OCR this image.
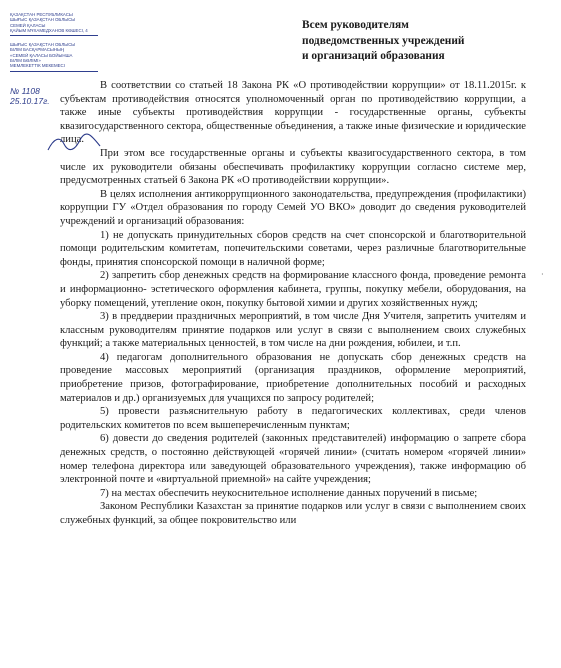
ҚАЗАҚСТАН РЕСПУБЛИКАСЫ
ШЫҒЫС ҚАЗАҚСТАН ОБЛЫСЫ
СЕМЕЙ ҚАЛАСЫ
ҚАЙЫМ МҰХАМЕДХАНОВ КӨШЕСІ, 4
ШЫҒЫС ҚАЗАҚСТАН ОБЛЫСЫ
БІЛІМ БАСҚАРМАСЫНЫҢ
«СЕМЕЙ ҚАЛАСЫ БОЙЫНША
БІЛІМ БӨЛІМІ»
МЕМЛЕКЕТТІК МЕКЕМЕСІ
№ 1108
25.10.17г.
Всем руководителям
подведомственных учреждений
и организаций образования

В соответствии со статьей 18 Закона РК «О противодействии коррупции» от 18.11.2015г. к субъектам противодействия относятся уполномоченный орган по противодействию коррупции, а также иные субъекты противодействия коррупции - государственные органы, субъекты квазигосударственного сектора, общественные объединения, а также иные физические и юридические лица.

При этом все государственные органы и субъекты квазигосударственного сектора, в том числе их руководители обязаны обеспечивать профилактику коррупции согласно системе мер, предусмотренных статьей 6 Закона РК «О противодействии коррупции».

В целях исполнения антикоррупционного законодательства, предупреждения (профилактики) коррупции ГУ «Отдел образования по городу Семей УО ВКО» доводит до сведения руководителей учреждений и организаций образования:

1) не допускать принудительных сборов средств на счет спонсорской и благотворительной помощи родительским комитетам, попечительскими советами, через различные благотворительные фонды, принятия спонсорской помощи в наличной форме;

2) запретить сбор денежных средств на формирование классного фонда, проведение ремонта и информационно- эстетического оформления кабинета, группы, покупку мебели, оборудования, на уборку помещений, утепление окон, покупку бытовой химии и других хозяйственных нужд;

3) в преддверии праздничных мероприятий, в том числе Дня Учителя, запретить учителям и классным руководителям принятие подарков или услуг в связи с выполнением своих служебных функций; а также материальных ценностей, в том числе на дни рождения, юбилеи, и т.п.

4) педагогам дополнительного образования не допускать сбор денежных средств на проведение массовых мероприятий (организация праздников, оформление мероприятий, приобретение призов, фотографирование, приобретение дополнительных пособий и расходных материалов и др.) организуемых для учащихся по запросу родителей;

5) провести разъяснительную работу в педагогических коллективах, среди членов родительских комитетов по всем вышеперечисленным пунктам;

6) довести до сведения родителей (законных представителей) информацию о запрете сбора денежных средств, о постоянно действующей «горячей линии» (считать номером «горячей линии» номер телефона директора или заведующей образовательного учреждения), также информацию об электронной почте и «виртуальной приемной» на сайте учреждения;

7) на местах обеспечить неукоснительное исполнение данных поручений в письме;

Законом Республики Казахстан за принятие подарков или услуг в связи с выполнением своих служебных функций, за общее покровительство или

·
